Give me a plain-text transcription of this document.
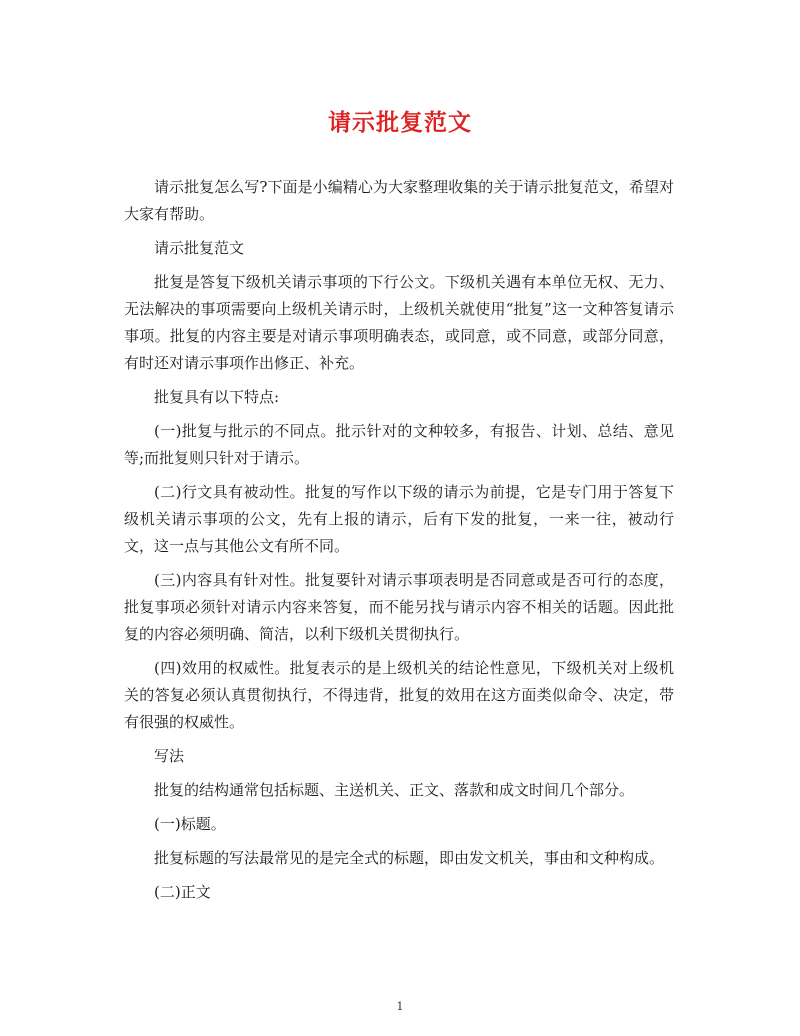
请示批复范文

请示批复怎么写?下面是小编精心为大家整理收集的关于请示批复范文，希望对大家有帮助。

请示批复范文

批复是答复下级机关请示事项的下行公文。下级机关遇有本单位无权、无力、无法解决的事项需要向上级机关请示时，上级机关就使用“批复”这一文种答复请示事项。批复的内容主要是对请示事项明确表态，或同意，或不同意，或部分同意，有时还对请示事项作出修正、补充。

批复具有以下特点:

(一)批复与批示的不同点。批示针对的文种较多，有报告、计划、总结、意见等;而批复则只针对于请示。

(二)行文具有被动性。批复的写作以下级的请示为前提，它是专门用于答复下级机关请示事项的公文，先有上报的请示，后有下发的批复，一来一往，被动行文，这一点与其他公文有所不同。

(三)内容具有针对性。批复要针对请示事项表明是否同意或是否可行的态度，批复事项必须针对请示内容来答复，而不能另找与请示内容不相关的话题。因此批复的内容必须明确、简洁，以利下级机关贯彻执行。

(四)效用的权威性。批复表示的是上级机关的结论性意见，下级机关对上级机关的答复必须认真贯彻执行，不得违背，批复的效用在这方面类似命令、决定，带有很强的权威性。

写法

批复的结构通常包括标题、主送机关、正文、落款和成文时间几个部分。

(一)标题。

批复标题的写法最常见的是完全式的标题，即由发文机关，事由和文种构成。

(二)正文

1
